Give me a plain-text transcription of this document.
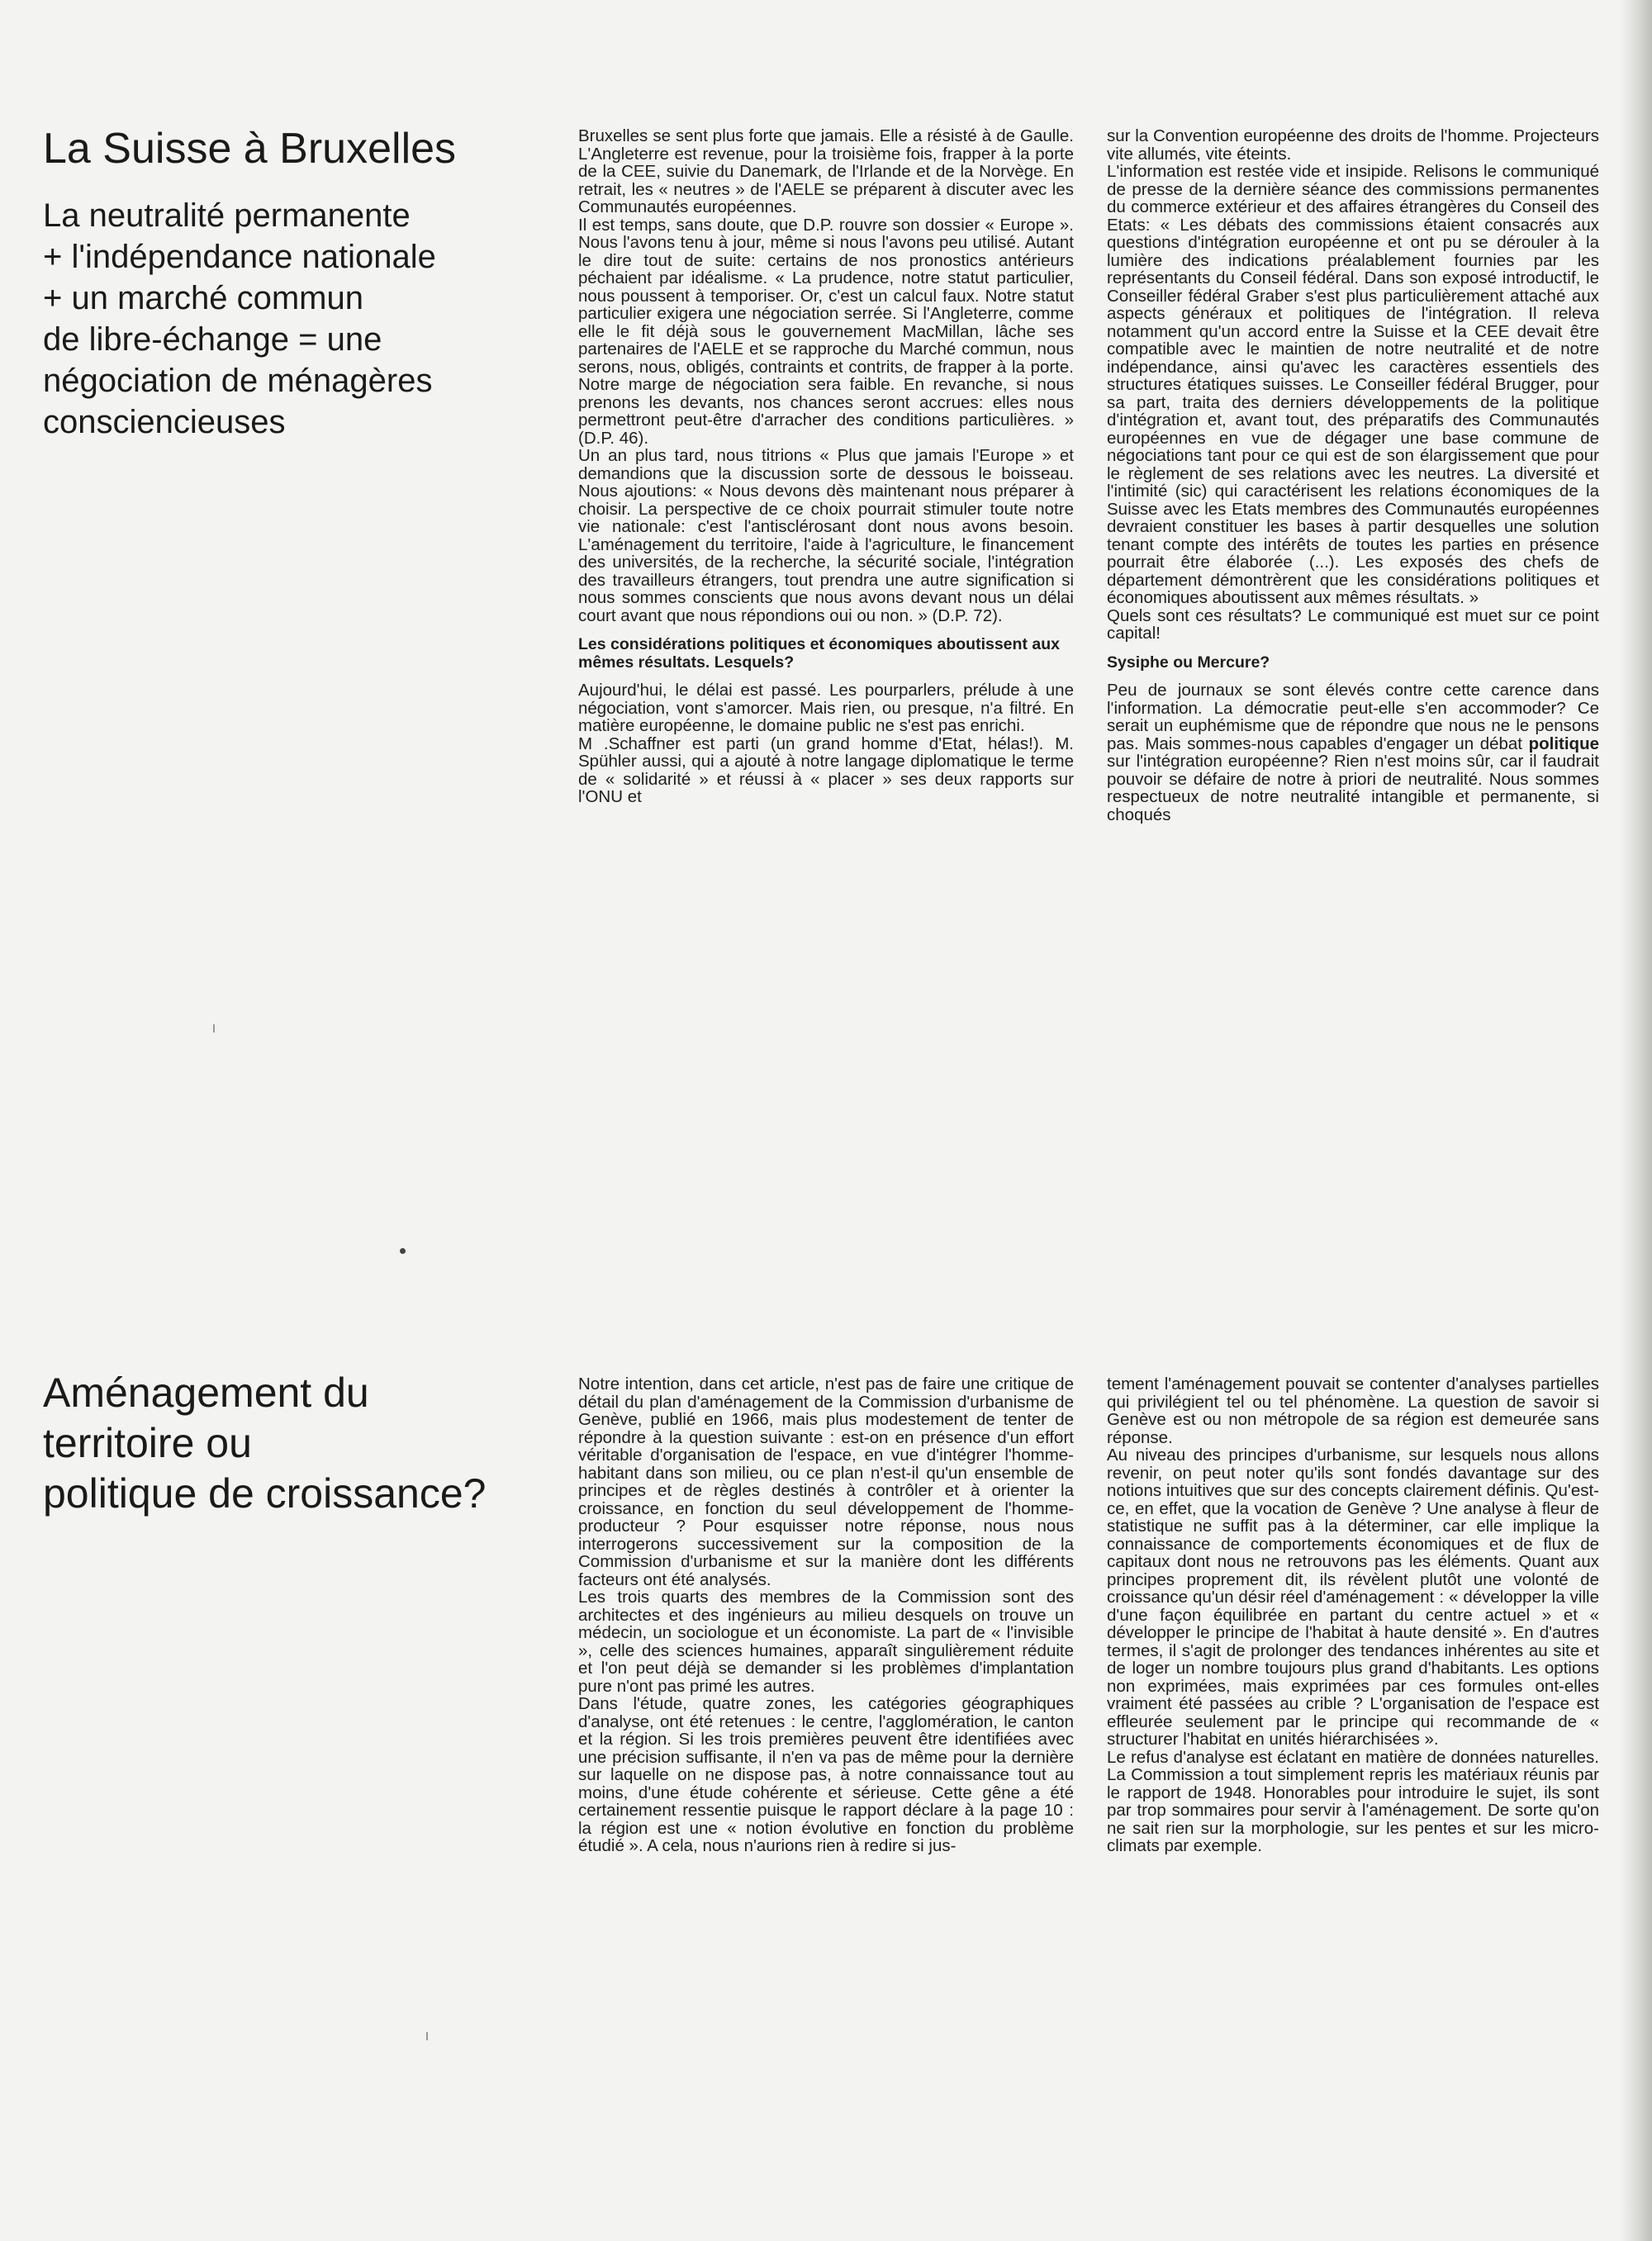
La Suisse à Bruxelles
La neutralité permanente
+ l'indépendance nationale
+ un marché commun
de libre-échange = une
négociation de ménagères
consciencieuses

Bruxelles se sent plus forte que jamais. Elle a résisté à de Gaulle. L'Angleterre est revenue, pour la troisième fois, frapper à la porte de la CEE, suivie du Danemark, de l'Irlande et de la Norvège. En retrait, les « neutres » de l'AELE se préparent à discuter avec les Communautés européennes.

Il est temps, sans doute, que D.P. rouvre son dossier « Europe ». Nous l'avons tenu à jour, même si nous l'avons peu utilisé. Autant le dire tout de suite: certains de nos pronostics antérieurs péchaient par idéalisme. « La prudence, notre statut particulier, nous poussent à temporiser. Or, c'est un calcul faux. Notre statut particulier exigera une négociation serrée. Si l'Angleterre, comme elle le fit déjà sous le gouvernement MacMillan, lâche ses partenaires de l'AELE et se rapproche du Marché commun, nous serons, nous, obligés, contraints et contrits, de frapper à la porte. Notre marge de négociation sera faible. En revanche, si nous prenons les devants, nos chances seront accrues: elles nous permettront peut-être d'arracher des conditions particulières. » (D.P. 46).

Un an plus tard, nous titrions « Plus que jamais l'Europe » et demandions que la discussion sorte de dessous le boisseau. Nous ajoutions: « Nous devons dès maintenant nous préparer à choisir. La perspective de ce choix pourrait stimuler toute notre vie nationale: c'est l'antisclérosant dont nous avons besoin. L'aménagement du territoire, l'aide à l'agriculture, le financement des universités, de la recherche, la sécurité sociale, l'intégration des travailleurs étrangers, tout prendra une autre signification si nous sommes conscients que nous avons devant nous un délai court avant que nous répondions oui ou non. » (D.P. 72).

Les considérations politiques et économiques aboutissent aux mêmes résultats. Lesquels?

Aujourd'hui, le délai est passé. Les pourparlers, prélude à une négociation, vont s'amorcer. Mais rien, ou presque, n'a filtré. En matière européenne, le domaine public ne s'est pas enrichi.

M .Schaffner est parti (un grand homme d'Etat, hélas!). M. Spühler aussi, qui a ajouté à notre langage diplomatique le terme de « solidarité » et réussi à « placer » ses deux rapports sur l'ONU et

sur la Convention européenne des droits de l'homme. Projecteurs vite allumés, vite éteints.

L'information est restée vide et insipide. Relisons le communiqué de presse de la dernière séance des commissions permanentes du commerce extérieur et des affaires étrangères du Conseil des Etats: « Les débats des commissions étaient consacrés aux questions d'intégration européenne et ont pu se dérouler à la lumière des indications préalablement fournies par les représentants du Conseil fédéral. Dans son exposé introductif, le Conseiller fédéral Graber s'est plus particulièrement attaché aux aspects généraux et politiques de l'intégration. Il releva notamment qu'un accord entre la Suisse et la CEE devait être compatible avec le maintien de notre neutralité et de notre indépendance, ainsi qu'avec les caractères essentiels des structures étatiques suisses. Le Conseiller fédéral Brugger, pour sa part, traita des derniers développements de la politique d'intégration et, avant tout, des préparatifs des Communautés européennes en vue de dégager une base commune de négociations tant pour ce qui est de son élargissement que pour le règlement de ses relations avec les neutres. La diversité et l'intimité (sic) qui caractérisent les relations économiques de la Suisse avec les Etats membres des Communautés européennes devraient constituer les bases à partir desquelles une solution tenant compte des intérêts de toutes les parties en présence pourrait être élaborée (...). Les exposés des chefs de département démontrèrent que les considérations politiques et économiques aboutissent aux mêmes résultats. »

Quels sont ces résultats? Le communiqué est muet sur ce point capital!

Sysiphe ou Mercure?

Peu de journaux se sont élevés contre cette carence dans l'information. La démocratie peut-elle s'en accommoder? Ce serait un euphémisme que de répondre que nous ne le pensons pas. Mais sommes-nous capables d'engager un débat politique sur l'intégration européenne? Rien n'est moins sûr, car il faudrait pouvoir se défaire de notre à priori de neutralité. Nous sommes respectueux de notre neutralité intangible et permanente, si choqués

Aménagement du
territoire ou
politique de croissance?

Notre intention, dans cet article, n'est pas de faire une critique de détail du plan d'aménagement de la Commission d'urbanisme de Genève, publié en 1966, mais plus modestement de tenter de répondre à la question suivante : est-on en présence d'un effort véritable d'organisation de l'espace, en vue d'intégrer l'homme-habitant dans son milieu, ou ce plan n'est-il qu'un ensemble de principes et de règles destinés à contrôler et à orienter la croissance, en fonction du seul développement de l'homme-producteur ? Pour esquisser notre réponse, nous nous interrogerons successivement sur la composition de la Commission d'urbanisme et sur la manière dont les différents facteurs ont été analysés.

Les trois quarts des membres de la Commission sont des architectes et des ingénieurs au milieu desquels on trouve un médecin, un sociologue et un économiste. La part de « l'invisible », celle des sciences humaines, apparaît singulièrement réduite et l'on peut déjà se demander si les problèmes d'implantation pure n'ont pas primé les autres.

Dans l'étude, quatre zones, les catégories géographiques d'analyse, ont été retenues : le centre, l'agglomération, le canton et la région. Si les trois premières peuvent être identifiées avec une précision suffisante, il n'en va pas de même pour la dernière sur laquelle on ne dispose pas, à notre connaissance tout au moins, d'une étude cohérente et sérieuse. Cette gêne a été certainement ressentie puisque le rapport déclare à la page 10 : la région est une « notion évolutive en fonction du problème étudié ». A cela, nous n'aurions rien à redire si jus-

tement l'aménagement pouvait se contenter d'analyses partielles qui privilégient tel ou tel phénomène. La question de savoir si Genève est ou non métropole de sa région est demeurée sans réponse.

Au niveau des principes d'urbanisme, sur lesquels nous allons revenir, on peut noter qu'ils sont fondés davantage sur des notions intuitives que sur des concepts clairement définis. Qu'est-ce, en effet, que la vocation de Genève ? Une analyse à fleur de statistique ne suffit pas à la déterminer, car elle implique la connaissance de comportements économiques et de flux de capitaux dont nous ne retrouvons pas les éléments. Quant aux principes proprement dit, ils révèlent plutôt une volonté de croissance qu'un désir réel d'aménagement : « développer la ville d'une façon équilibrée en partant du centre actuel » et « développer le principe de l'habitat à haute densité ». En d'autres termes, il s'agit de prolonger des tendances inhérentes au site et de loger un nombre toujours plus grand d'habitants. Les options non exprimées, mais exprimées par ces formules ont-elles vraiment été passées au crible ? L'organisation de l'espace est effleurée seulement par le principe qui recommande de « structurer l'habitat en unités hiérarchisées ».

Le refus d'analyse est éclatant en matière de données naturelles. La Commission a tout simplement repris les matériaux réunis par le rapport de 1948. Honorables pour introduire le sujet, ils sont par trop sommaires pour servir à l'aménagement. De sorte qu'on ne sait rien sur la morphologie, sur les pentes et sur les micro-climats par exemple.
